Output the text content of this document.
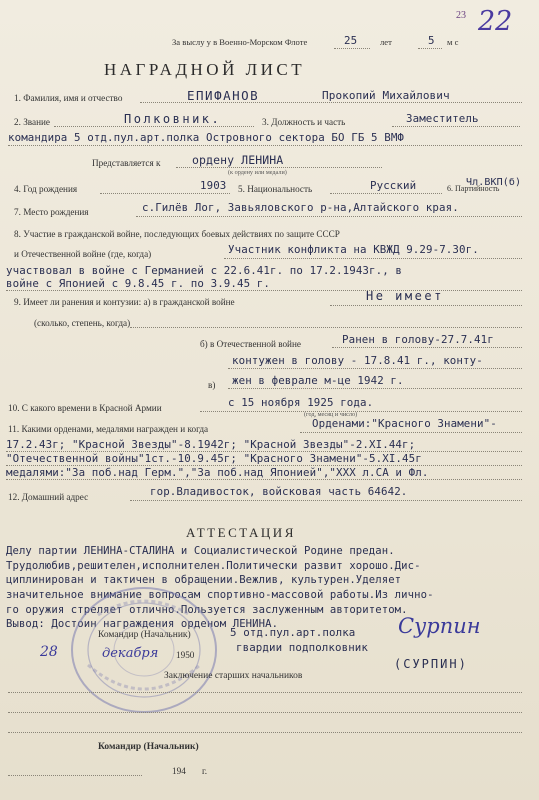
За выслу у в Военно-Морском Флоте	25	лет	5 м с
23 22
НАГРАДНОЙ ЛИСТ
1. Фамилия, имя и отчество	ЕПИФАНОВ	Прокопий Михайлович
2. Звание	Полковник.	3. Должность и часть	Заместитель
командира 5 отд.пул.арт.полка Островного сектора БО ГБ 5 ВМФ
Представляется к	ордену ЛЕНИНА
(к ордену или медали)
4. Год рождения	1903 5. Национальность	Русский	6. Партийность
Чл.ВКП(б)
7. Место рождения	с.Гилёв Лог, Завьяловского р-на,Алтайского края.
8. Участие в гражданской войне, последующих боевых действиях по защите СССР
и Отечественной войне (где, когда)	Участник конфликта на КВЖД 9.29-7.30г.
участвовал в войне с Германией с 22.6.41г. по 17.2.1943г., в
войне с Японией с 9.8.45 г. по 3.9.45 г.
9. Имеет ли ранения и контузии: а) в гражданской войне	Не имеет
(сколько, степень, когда)
б) в Отечественной войне	Ранен в голову-27.7.41г
контужен в голову - 17.8.41 г., конту-
в) жен в феврале м-це 1942 г.
10. С какого времени в Красной Армии	с 15 ноября 1925 года.
(год, месяц и число)
11. Какими орденами, медалями награжден и когда	Орденами:"Красного Знамени"-
17.2.43г; "Красной Звезды"-8.1942г; "Красной Звезды"-2.XI.44г;
"Отечественной войны"1ст.-10.9.45г; "Красного Знамени"-5.XI.45г
медалями:"За поб.над Герм.","За поб.над Японией","XXX л.СА и Фл.
12. Домашний адрес	гор.Владивосток, войсковая часть 64642.
АТТЕСТАЦИЯ
Делу партии ЛЕНИНА-СТАЛИНА и Социалистической Родине предан.
Трудолюбив,решителен,исполнителен.Политически развит хорошо.Дис-
циплинирован и тактичен в обращении.Вежлив, культурен.Уделяет
значительное внимание вопросам спортивно-массовой работы.Из лично-
го оружия стреляет отлично.Пользуется заслуженным авторитетом.
Вывод: Достоин награждения орденом ЛЕНИНА.
Командир (Начальник)	5 отд.пул.арт.полка
гвардии подполковник
Сурпин
(СУРПИН)
28	декабря 1950
Заключение старших начальников
Командир (Начальник)
194 г.
